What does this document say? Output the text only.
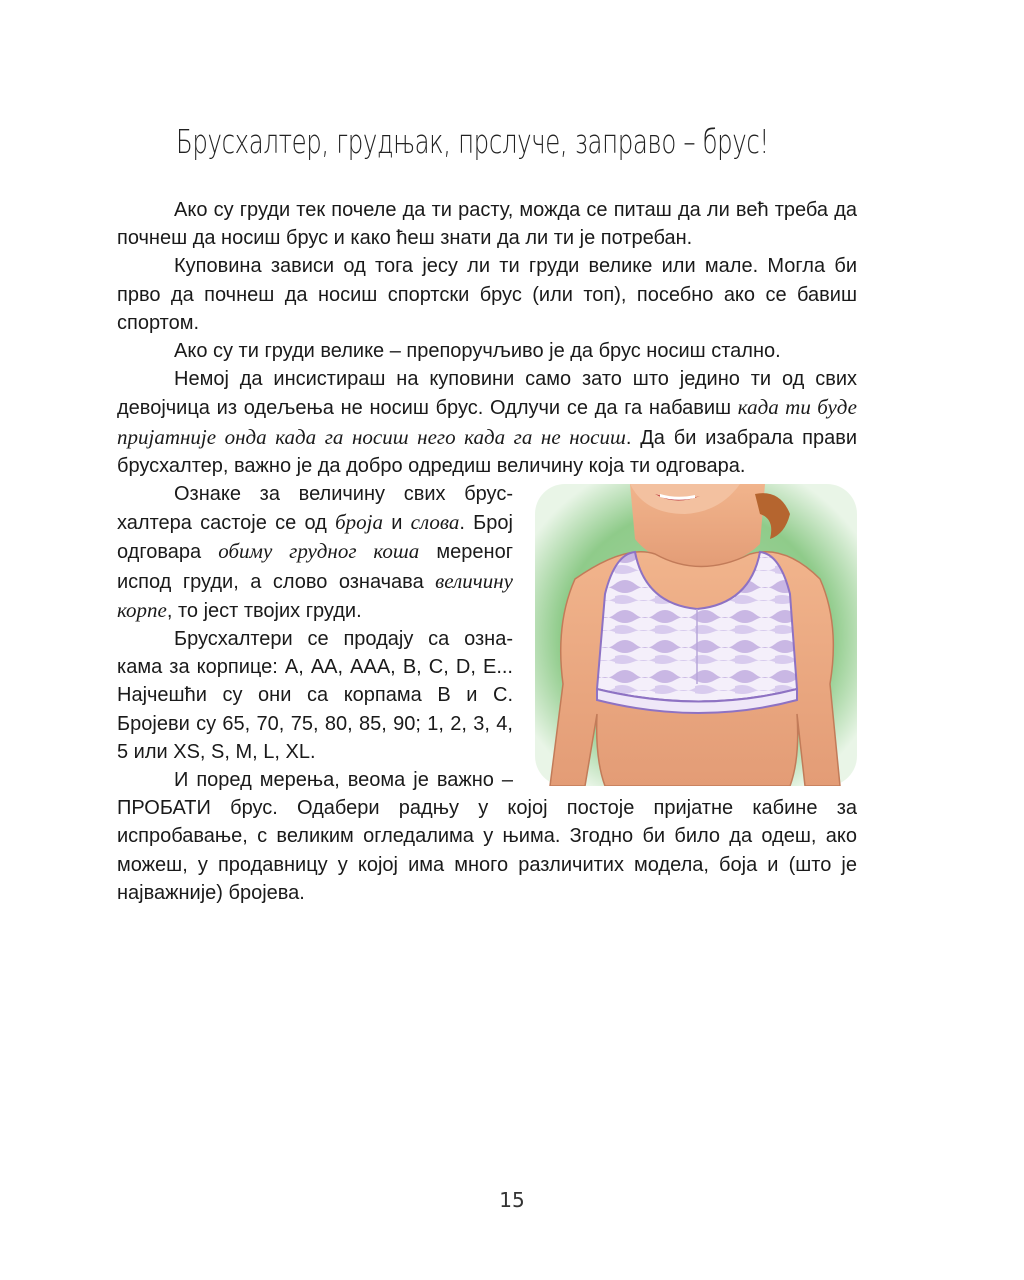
Брусхалтер, грудњак, прслуче, заправо – брус!

Ако су груди тек почеле да ти расту, можда се питаш да ли већ треба да почнеш да носиш брус и како ћеш знати да ли ти је потребан.

Куповина зависи од тога јесу ли ти груди велике или мале. Могла би прво да почнеш да носиш спортски брус (или топ), посебно ако се бавиш спортом.

Ако су ти груди велике – препоручљиво је да брус носиш стално.

Немој да инсистираш на куповини само зато што једино ти од свих девојчица из одељења не носиш брус. Одлучи се да га набавиш када ти буде пријатније онда када га носиш него када га не носиш. Да би изабрала прави брусхалтер, важно је да добро одредиш величину која ти одговара.

Ознаке за величину свих брусхалтера састоје се од броја и слова. Број одговара обиму грудног коша мереног испод груди, а слово означава величину корпе, то јест твојих груди.

Брусхалтери се продају са ознакама за корпице: А, АА, ААА, B, C, D, E... Најчешћи су они са корпама B и C. Бројеви су 65, 70, 75, 80, 85, 90; 1, 2, 3, 4, 5 или XS, S, M, L, XL.

И поред мерења, веома је важно – ПРОБАТИ брус. Одабери радњу у којој постоје пријатне кабине за испробавање, с великим огледалима у њима. Згодно би било да одеш, ако можеш, у продавницу у којој има много различитих модела, боја и (што је најважније) бројева.

15
